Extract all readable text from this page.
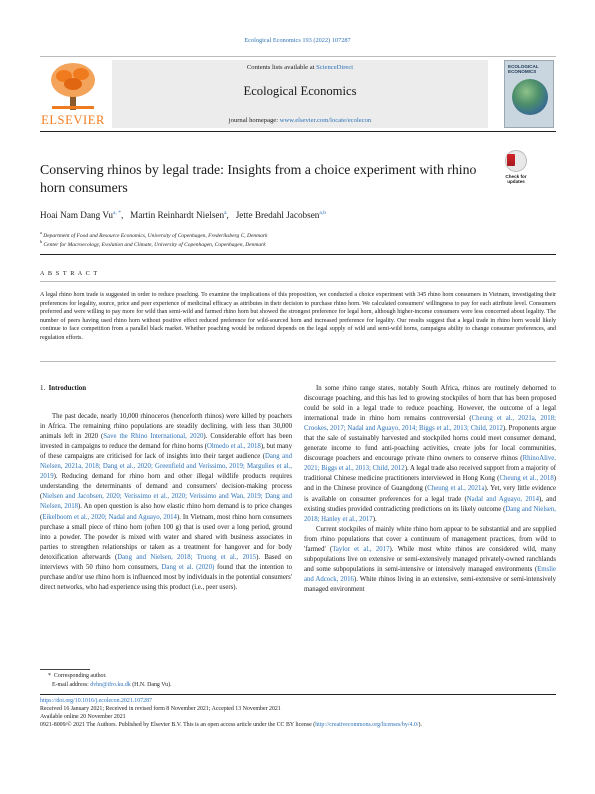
Ecological Economics 193 (2022) 107287
ELSEVIER
Contents lists available at ScienceDirect
Ecological Economics
journal homepage: www.elsevier.com/locate/ecolecon
ECOLOGICAL ECONOMICS
Conserving rhinos by legal trade: Insights from a choice experiment with rhino horn consumers
Check for
updates
Hoai Nam Dang $Vu^{a, *}$,   Martin Reinhardt Nielsen$^a$,   Jette Bredahl Jacobsen$^{a,b}$
$^a$ Department of Food and Resource Economics, University of Copenhagen, Frederiksberg C, Denmark
$^b$ Center for Macroecology, Evolution and Climate, University of Copenhagen, Copenhagen, Denmark
A B S T R A C T
A legal rhino horn trade is suggested in order to reduce poaching. To examine the implications of this proposition, we conducted a choice experiment with 345 rhino horn consumers in Vietnam, investigating their preferences for legality, source, price and peer experience of medicinal efficacy as attributes in their decision to purchase rhino horn. We calculated consumers' willingness to pay for each attribute level. Consumers preferred and were willing to pay more for wild than semi-wild and farmed rhino horn but showed the strongest preference for legal horn, although higher-income consumers were less concerned about legality. The number of peers having used rhino horn without positive effect reduced preference for wild-sourced horn and increased preference for legality. Our results suggest that a legal trade in rhino horn would likely continue to face competition from a parallel black market. Whether poaching would be reduced depends on the legal supply of wild and semi-wild horns, campaigns ability to change consumer preferences, and regulation efforts.
1. Introduction

The past decade, nearly 10,000 rhinoceros (henceforth rhinos) were killed by poachers in Africa. The remaining rhino populations are steadily declining, with less than 30,000 animals left in 2020 (Save the Rhino International, 2020). Considerable effort has been invested in campaigns to reduce the demand for rhino horns (Olmedo et al., 2018), but many of these campaigns are criticised for lack of insights into their target audience (Dang and Nielsen, 2021a, 2018; Dang et al., 2020; Greenfield and Veríssimo, 2019; Margulies et al., 2019). Reducing demand for rhino horn and other illegal wildlife products requires understanding the determinants of demand and consumers' decision-making process (Nielsen and Jacobsen, 2020; Veríssimo et al., 2020; Veríssimo and Wan, 2019; Dang and Nielsen, 2018). An open question is also how elastic rhino horn demand is to price changes (Eikelboom et al., 2020; Nadal and Aguayo, 2014). In Vietnam, most rhino horn consumers purchase a small piece of rhino horn (often 100 g) that is used over a long period, ground into a powder. The powder is mixed with water and shared with business associates in parties to strengthen relationships or taken as a treatment for hangover and for body detoxification afterwards (Dang and Nielsen, 2018; Truong et al., 2015). Based on interviews with 50 rhino horn consumers, Dang et al. (2020) found that the intention to purchase and/or use rhino horn is influenced most by individuals in the potential consumers' direct networks, who had experience using this product (i.e., peer users).

In some rhino range states, notably South Africa, rhinos are routinely dehorned to discourage poaching, and this has led to growing stockpiles of horn that has been proposed could be sold in a legal trade to reduce poaching. However, the outcome of a legal international trade in rhino horn remains controversial (Cheung et al., 2021a, 2018; Crookes, 2017; Nadal and Aguayo, 2014; Biggs et al., 2013; Child, 2012). Proponents argue that the sale of sustainably harvested and stockpiled horns could meet consumer demand, generate income to fund anti-poaching activities, create jobs for local communities, discourage poachers and encourage private rhino owners to conserve rhinos (RhinoAlive, 2021; Biggs et al., 2013; Child, 2012). A legal trade also received support from a majority of traditional Chinese medicine practitioners interviewed in Hong Kong (Cheung et al., 2018) and in the Chinese province of Guangdong (Cheung et al., 2021a). Yet, very little evidence is available on consumer preferences for a legal trade (Nadal and Aguayo, 2014), and existing studies provided contradicting predictions on its likely outcome (Dang and Nielsen, 2018; Hanley et al., 2017).

Current stockpiles of mainly white rhino horn appear to be substantial and are supplied from rhino populations that cover a continuum of management practices, from wild to 'farmed' (Taylor et al., 2017). While most white rhinos are considered wild, many subpopulations live on extensive or semi-extensively managed privately-owned ranchlands and some subpopulations in semi-intensive or intensively managed environments (Emslie and Adcock, 2016). White rhinos living in an extensive, semi-extensive or semi-intensively managed environment

* Corresponding author.
E-mail address: dvhn@ifro.ku.dk (H.N. Dang Vu).
https://doi.org/10.1016/j.ecolecon.2021.107287
Received 16 January 2021; Received in revised form 8 November 2021; Accepted 13 November 2021
Available online 20 November 2021
0921-8009/© 2021 The Authors. Published by Elsevier B.V. This is an open access article under the CC BY license (http://creativecommons.org/licenses/by/4.0/).
